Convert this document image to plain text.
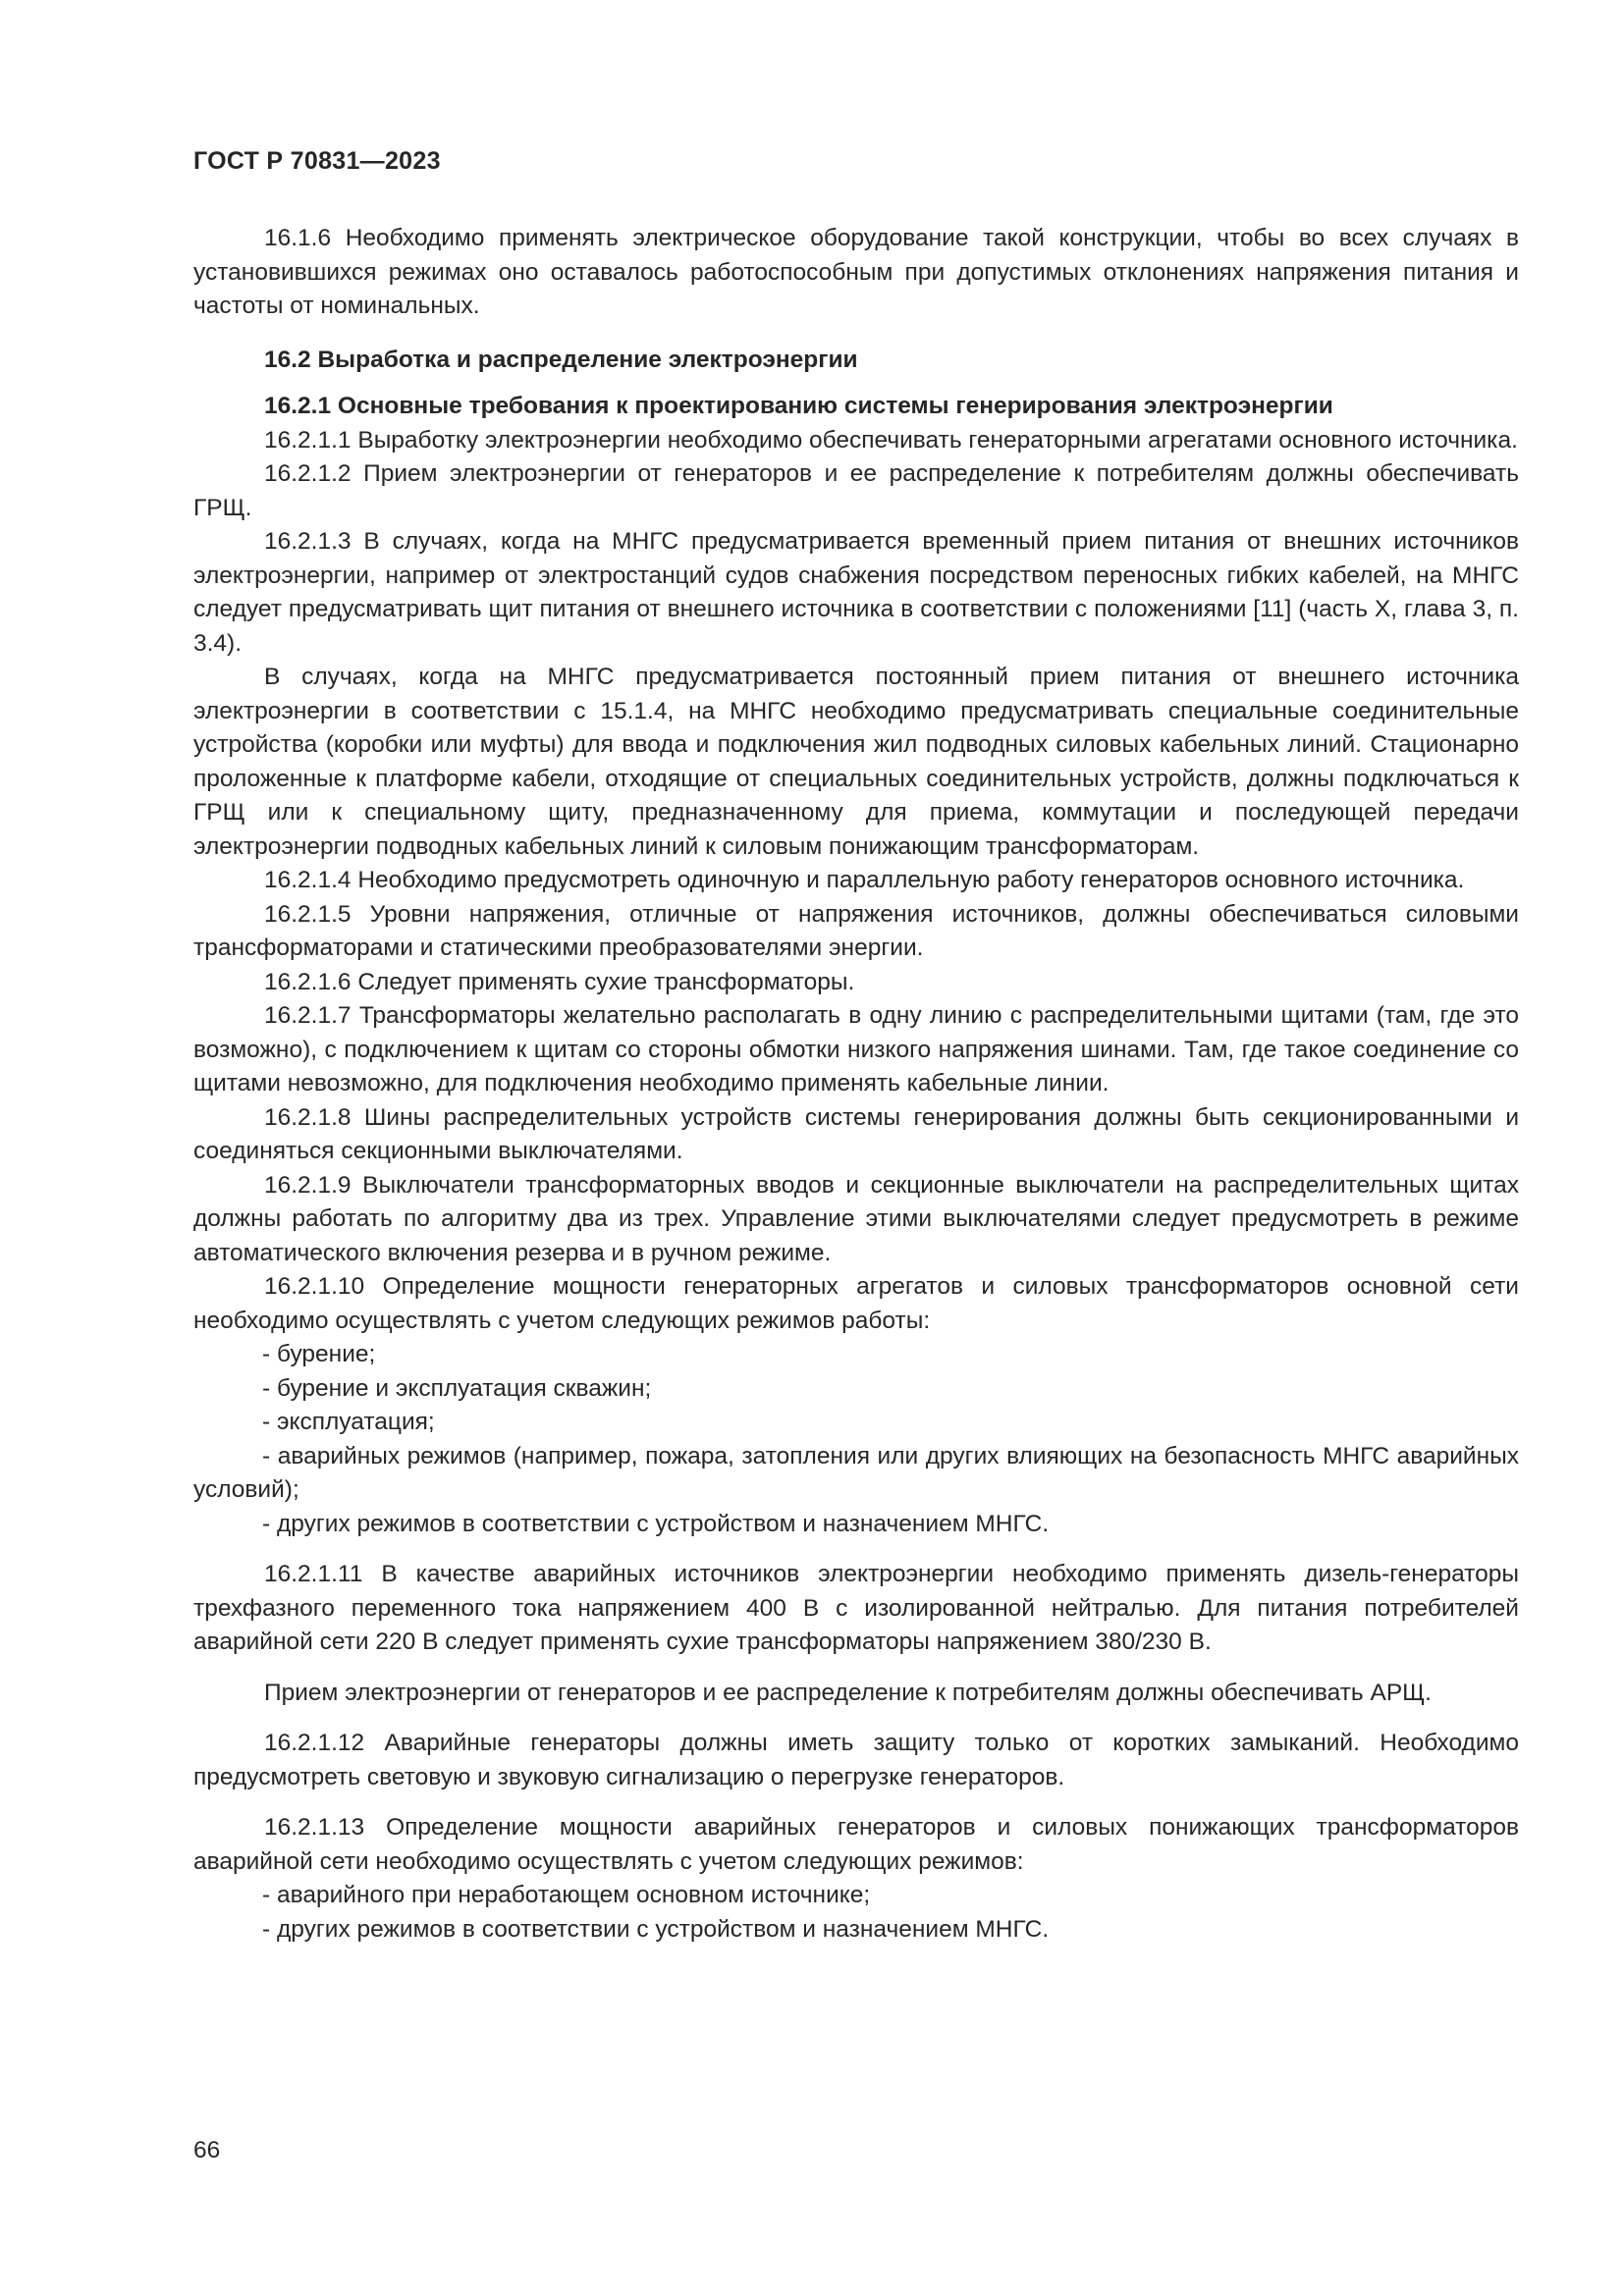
ГОСТ Р 70831—2023

16.1.6 Необходимо применять электрическое оборудование такой конструкции, чтобы во всех случаях в установившихся режимах оно оставалось работоспособным при допустимых отклонениях напряжения питания и частоты от номинальных.

16.2 Выработка и распределение электроэнергии

16.2.1 Основные требования к проектированию системы генерирования электроэнергии

16.2.1.1 Выработку электроэнергии необходимо обеспечивать генераторными агрегатами основного источника.

16.2.1.2 Прием электроэнергии от генераторов и ее распределение к потребителям должны обеспечивать ГРЩ.

16.2.1.3 В случаях, когда на МНГС предусматривается временный прием питания от внешних источников электроэнергии, например от электростанций судов снабжения посредством переносных гибких кабелей, на МНГС следует предусматривать щит питания от внешнего источника в соответствии с положениями [11] (часть X, глава 3, п. 3.4).

В случаях, когда на МНГС предусматривается постоянный прием питания от внешнего источника электроэнергии в соответствии с 15.1.4, на МНГС необходимо предусматривать специальные соединительные устройства (коробки или муфты) для ввода и подключения жил подводных силовых кабельных линий. Стационарно проложенные к платформе кабели, отходящие от специальных соединительных устройств, должны подключаться к ГРЩ или к специальному щиту, предназначенному для приема, коммутации и последующей передачи электроэнергии подводных кабельных линий к силовым понижающим трансформаторам.

16.2.1.4 Необходимо предусмотреть одиночную и параллельную работу генераторов основного источника.

16.2.1.5 Уровни напряжения, отличные от напряжения источников, должны обеспечиваться силовыми трансформаторами и статическими преобразователями энергии.

16.2.1.6 Следует применять сухие трансформаторы.

16.2.1.7 Трансформаторы желательно располагать в одну линию с распределительными щитами (там, где это возможно), с подключением к щитам со стороны обмотки низкого напряжения шинами. Там, где такое соединение со щитами невозможно, для подключения необходимо применять кабельные линии.

16.2.1.8 Шины распределительных устройств системы генерирования должны быть секционированными и соединяться секционными выключателями.

16.2.1.9 Выключатели трансформаторных вводов и секционные выключатели на распределительных щитах должны работать по алгоритму два из трех. Управление этими выключателями следует предусмотреть в режиме автоматического включения резерва и в ручном режиме.

16.2.1.10 Определение мощности генераторных агрегатов и силовых трансформаторов основной сети необходимо осуществлять с учетом следующих режимов работы:

- бурение;

- бурение и эксплуатация скважин;

- эксплуатация;

- аварийных режимов (например, пожара, затопления или других влияющих на безопасность МНГС аварийных условий);

- других режимов в соответствии с устройством и назначением МНГС.

16.2.1.11 В качестве аварийных источников электроэнергии необходимо применять дизель-генераторы трехфазного переменного тока напряжением 400 В с изолированной нейтралью. Для питания потребителей аварийной сети 220 В следует применять сухие трансформаторы напряжением 380/230 В.

Прием электроэнергии от генераторов и ее распределение к потребителям должны обеспечивать АРЩ.

16.2.1.12 Аварийные генераторы должны иметь защиту только от коротких замыканий. Необходимо предусмотреть световую и звуковую сигнализацию о перегрузке генераторов.

16.2.1.13 Определение мощности аварийных генераторов и силовых понижающих трансформаторов аварийной сети необходимо осуществлять с учетом следующих режимов:

- аварийного при неработающем основном источнике;

- других режимов в соответствии с устройством и назначением МНГС.

66
